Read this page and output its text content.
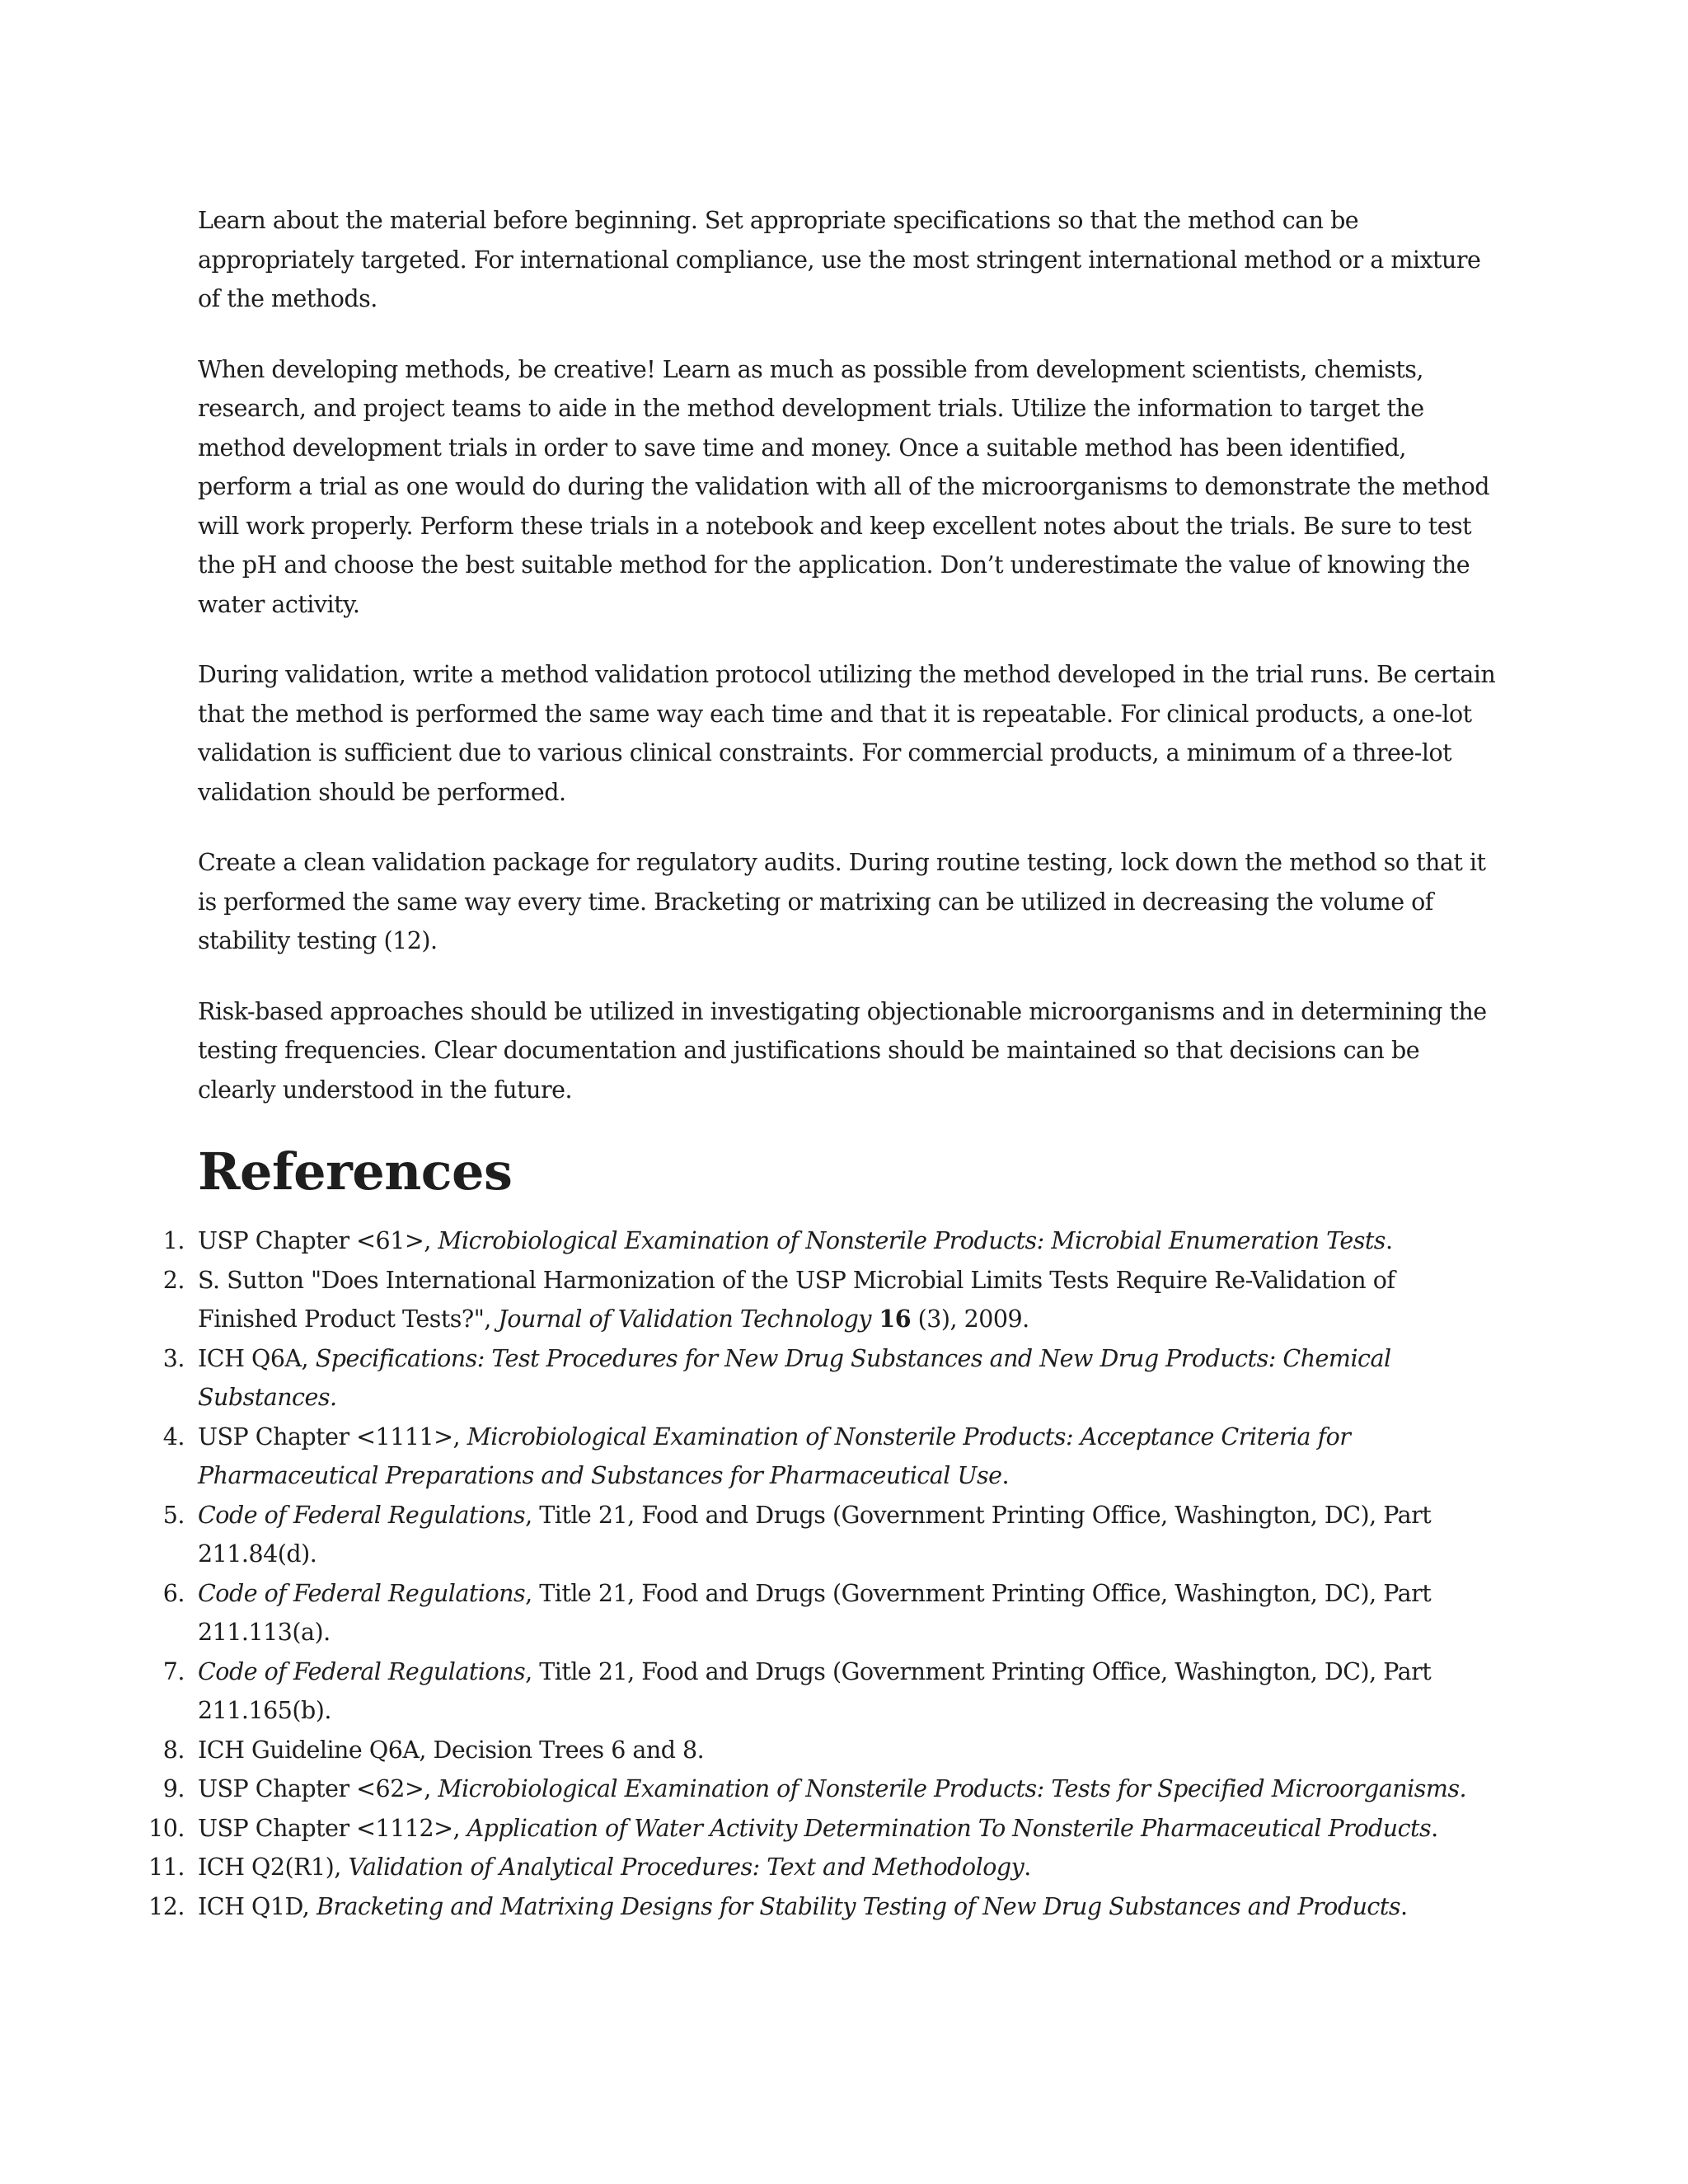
Learn about the material before beginning. Set appropriate specifications so that the method can be appropriately targeted. For international compliance, use the most stringent international method or a mixture of the methods.

When developing methods, be creative! Learn as much as possible from development scientists, chemists, research, and project teams to aide in the method development trials. Utilize the information to target the method development trials in order to save time and money. Once a suitable method has been identified, perform a trial as one would do during the validation with all of the microorganisms to demonstrate the method will work properly. Perform these trials in a notebook and keep excellent notes about the trials. Be sure to test the pH and choose the best suitable method for the application. Don’t underestimate the value of knowing the water activity.

During validation, write a method validation protocol utilizing the method developed in the trial runs. Be certain that the method is performed the same way each time and that it is repeatable. For clinical products, a one-lot validation is sufficient due to various clinical constraints. For commercial products, a minimum of a three-lot validation should be performed.

Create a clean validation package for regulatory audits. During routine testing, lock down the method so that it is performed the same way every time. Bracketing or matrixing can be utilized in decreasing the volume of stability testing (12).

Risk-based approaches should be utilized in investigating objectionable microorganisms and in determining the testing frequencies. Clear documentation and justifications should be maintained so that decisions can be clearly understood in the future.

References
1. USP Chapter <61>, Microbiological Examination of Nonsterile Products: Microbial Enumeration Tests.
2. S. Sutton "Does International Harmonization of the USP Microbial Limits Tests Require Re-Validation of Finished Product Tests?", Journal of Validation Technology 16 (3), 2009.
3. ICH Q6A, Specifications: Test Procedures for New Drug Substances and New Drug Products: Chemical Substances.
4. USP Chapter <1111>, Microbiological Examination of Nonsterile Products: Acceptance Criteria for Pharmaceutical Preparations and Substances for Pharmaceutical Use.
5. Code of Federal Regulations, Title 21, Food and Drugs (Government Printing Office, Washington, DC), Part 211.84(d).
6. Code of Federal Regulations, Title 21, Food and Drugs (Government Printing Office, Washington, DC), Part 211.113(a).
7. Code of Federal Regulations, Title 21, Food and Drugs (Government Printing Office, Washington, DC), Part 211.165(b).
8. ICH Guideline Q6A, Decision Trees 6 and 8.
9. USP Chapter <62>, Microbiological Examination of Nonsterile Products: Tests for Specified Microorganisms.
10. USP Chapter <1112>, Application of Water Activity Determination To Nonsterile Pharmaceutical Products.
11. ICH Q2(R1), Validation of Analytical Procedures: Text and Methodology.
12. ICH Q1D, Bracketing and Matrixing Designs for Stability Testing of New Drug Substances and Products.
